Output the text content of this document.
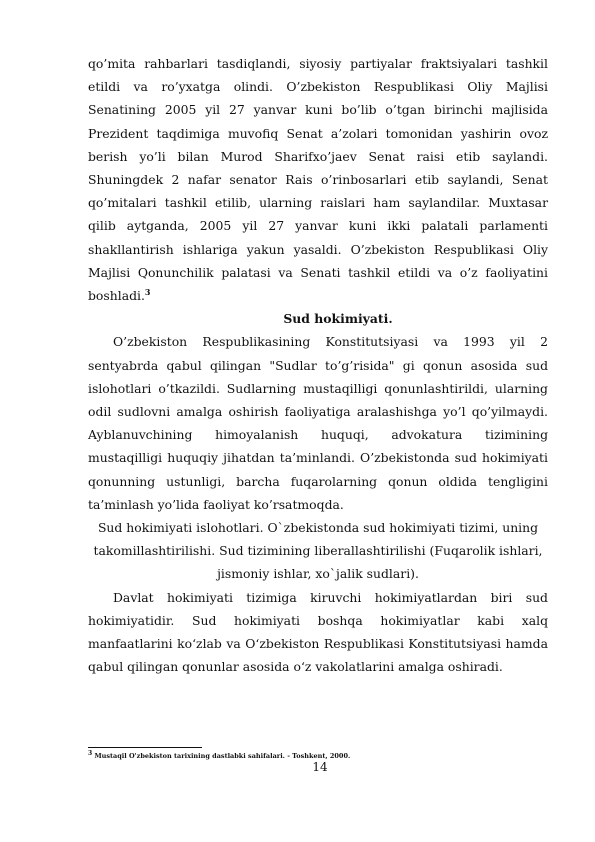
qo’mita rahbarlari tasdiqlandi, siyosiy partiyalar fraktsiyalari tashkil etildi va ro’yxatga olindi. O’zbekiston Respublikasi Oliy Majlisi Senatining 2005 yil 27 yanvar kuni bo’lib o’tgan birinchi majlisida Prezident taqdimiga muvofiq Senat a’zolari tomonidan yashirin ovoz berish yo’li bilan Murod Sharifxo’jaev Senat raisi etib saylandi. Shuningdek 2 nafar senator Rais o’rinbosarlari etib saylandi, Senat qo’mitalari tashkil etilib, ularning raislari ham saylandilar. Muxtasar qilib aytganda, 2005 yil 27 yanvar kuni ikki palatali parlamenti shakllantirish ishlariga yakun yasaldi. O’zbekiston Respublikasi Oliy Majlisi Qonunchilik palatasi va Senati tashkil etildi va o’z faoliyatini boshladi.$^3$

Sud hokimiyati.

O’zbekiston Respublikasining Konstitutsiyasi va 1993 yil 2 sentyabrda qabul qilingan "Sudlar to’g’risida" gi qonun asosida sud islohotlari o’tkazildi. Sudlarning mustaqilligi qonunlashtirildi, ularning odil sudlovni amalga oshirish faoliyatiga aralashishga yo’l qo’yilmaydi. Ayblanuvchining himoyalanish huquqi, advokatura tizimining mustaqilligi huquqiy jihatdan ta’minlandi. O’zbekistonda sud hokimiyati qonunning ustunligi, barcha fuqarolarning qonun oldida tengligini ta’minlash yo’lida faoliyat ko’rsatmoqda.

Sud hokimiyati islohotlari. O`zbekistonda sud hokimiyati tizimi, uning takomillashtirilishi. Sud tizimining liberallashtirilishi (Fuqarolik ishlari, jismoniy ishlar, xo`jalik sudlari).

Davlat hokimiyati tizimiga kiruvchi hokimiyatlardan biri sud hokimiyatidir. Sud hokimiyati boshqa hokimiyatlar kabi xalq manfaatlarini ko‘zlab va O‘zbekiston Respublikasi Konstitutsiyasi hamda qabul qilingan qonunlar asosida o‘z vakolatlarini amalga oshiradi.

$^3$ Mustaqil O'zbekiston tarixining dastlabki sahifalari. - Toshkent, 2000.
14
